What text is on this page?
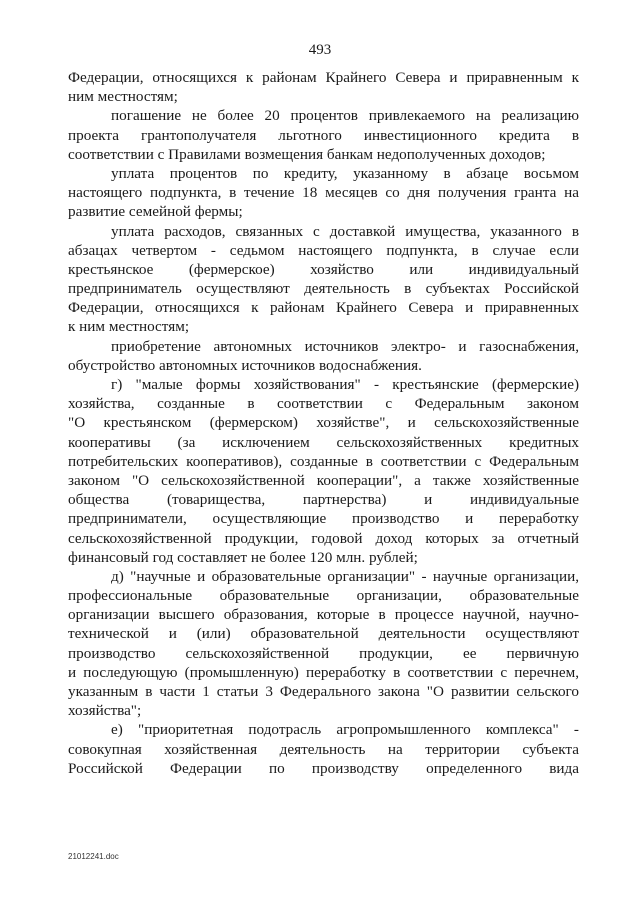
493
Федерации, относящихся к районам Крайнего Севера и приравненным к
ним местностям;
погашение не более 20 процентов привлекаемого на реализацию
проекта грантополучателя льготного инвестиционного кредита в
соответствии с Правилами возмещения банкам недополученных доходов;
уплата процентов по кредиту, указанному в абзаце восьмом
настоящего подпункта, в течение 18 месяцев со дня получения гранта на
развитие семейной фермы;
уплата расходов, связанных с доставкой имущества, указанного в
абзацах четвертом - седьмом настоящего подпункта, в случае если
крестьянское (фермерское) хозяйство или индивидуальный
предприниматель осуществляют деятельность в субъектах Российской
Федерации, относящихся к районам Крайнего Севера и приравненных
к ним местностям;
приобретение автономных источников электро- и газоснабжения,
обустройство автономных источников водоснабжения.
г) "малые формы хозяйствования" - крестьянские (фермерские)
хозяйства, созданные в соответствии с Федеральным законом
"О крестьянском (фермерском) хозяйстве", и сельскохозяйственные
кооперативы (за исключением сельскохозяйственных кредитных
потребительских кооперативов), созданные в соответствии с Федеральным
законом "О сельскохозяйственной кооперации", а также хозяйственные
общества (товарищества, партнерства) и индивидуальные
предприниматели, осуществляющие производство и переработку
сельскохозяйственной продукции, годовой доход которых за отчетный
финансовый год составляет не более 120 млн. рублей;
д) "научные и образовательные организации" - научные организации,
профессиональные образовательные организации, образовательные
организации высшего образования, которые в процессе научной, научно-
технической и (или) образовательной деятельности осуществляют
производство сельскохозяйственной продукции, ее первичную
и последующую (промышленную) переработку в соответствии с перечнем,
указанным в части 1 статьи 3 Федерального закона "О развитии сельского
хозяйства";
е) "приоритетная подотрасль агропромышленного комплекса" -
совокупная хозяйственная деятельность на территории субъекта
Российской Федерации по производству определенного вида
21012241.doc
